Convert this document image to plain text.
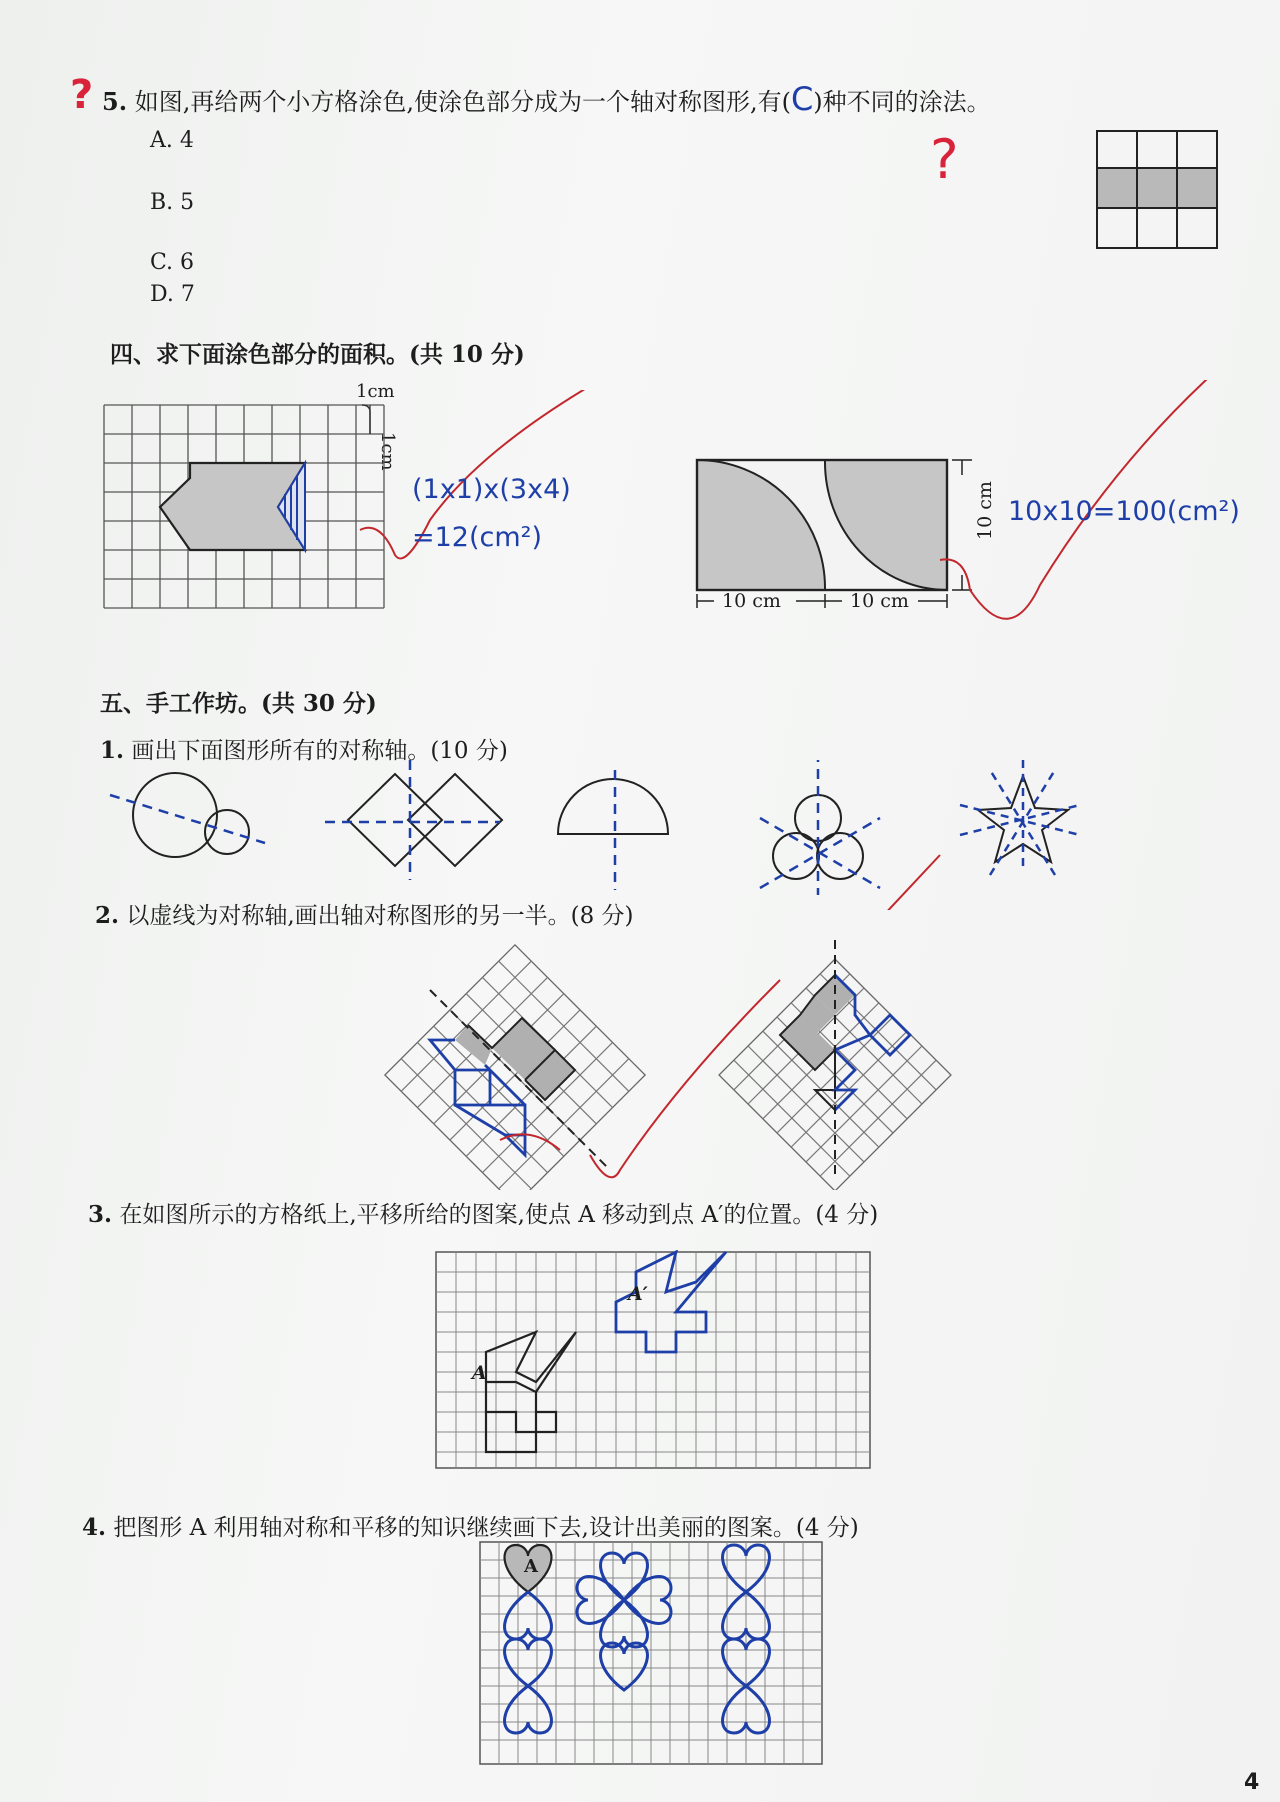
? 5. 如图,再给两个小方格涂色,使涂色部分成为一个轴对称图形,有(C)种不同的涂法。
?
A. 4
B. 5
C. 6
D. 7
四、求下面涂色部分的面积。(共 10 分)
1cm
1cm
(1x1)x(3x4)
=12(cm²)
10 cm	10 cm
10 cm 10x10=100(cm²)
五、手工作坊。(共 30 分)
1. 画出下面图形所有的对称轴。(10 分)
2. 以虚线为对称轴,画出轴对称图形的另一半。(8 分)
3. 在如图所示的方格纸上,平移所给的图案,使点 A 移动到点 A′的位置。(4 分)
A′
A
4. 把图形 A 利用轴对称和平移的知识继续画下去,设计出美丽的图案。(4 分)
A
4
